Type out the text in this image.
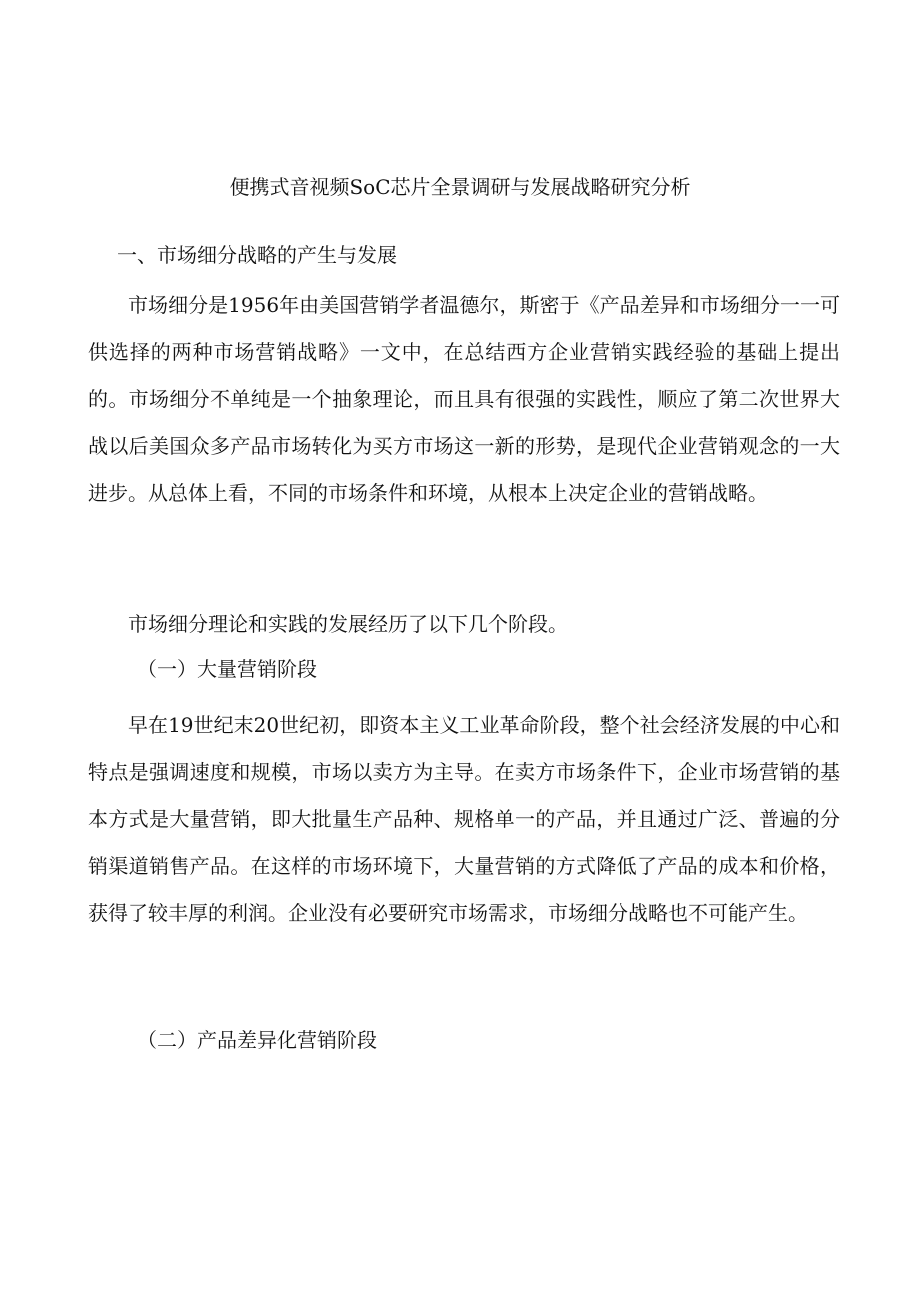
便携式音视频SoC芯片全景调研与发展战略研究分析
一、市场细分战略的产生与发展

市场细分是1956年由美国营销学者温德尔，斯密于《产品差异和市场细分一一可供选择的两种市场营销战略》一文中，在总结西方企业营销实践经验的基础上提出的。市场细分不单纯是一个抽象理论，而且具有很强的实践性，顺应了第二次世界大战以后美国众多产品市场转化为买方市场这一新的形势，是现代企业营销观念的一大进步。从总体上看，不同的市场条件和环境，从根本上决定企业的营销战略。

市场细分理论和实践的发展经历了以下几个阶段。

（一）大量营销阶段

早在19世纪末20世纪初，即资本主义工业革命阶段，整个社会经济发展的中心和特点是强调速度和规模，市场以卖方为主导。在卖方市场条件下，企业市场营销的基本方式是大量营销，即大批量生产品种、规格单一的产品，并且通过广泛、普遍的分销渠道销售产品。在这样的市场环境下，大量营销的方式降低了产品的成本和价格，获得了较丰厚的利润。企业没有必要研究市场需求，市场细分战略也不可能产生。

（二）产品差异化营销阶段
